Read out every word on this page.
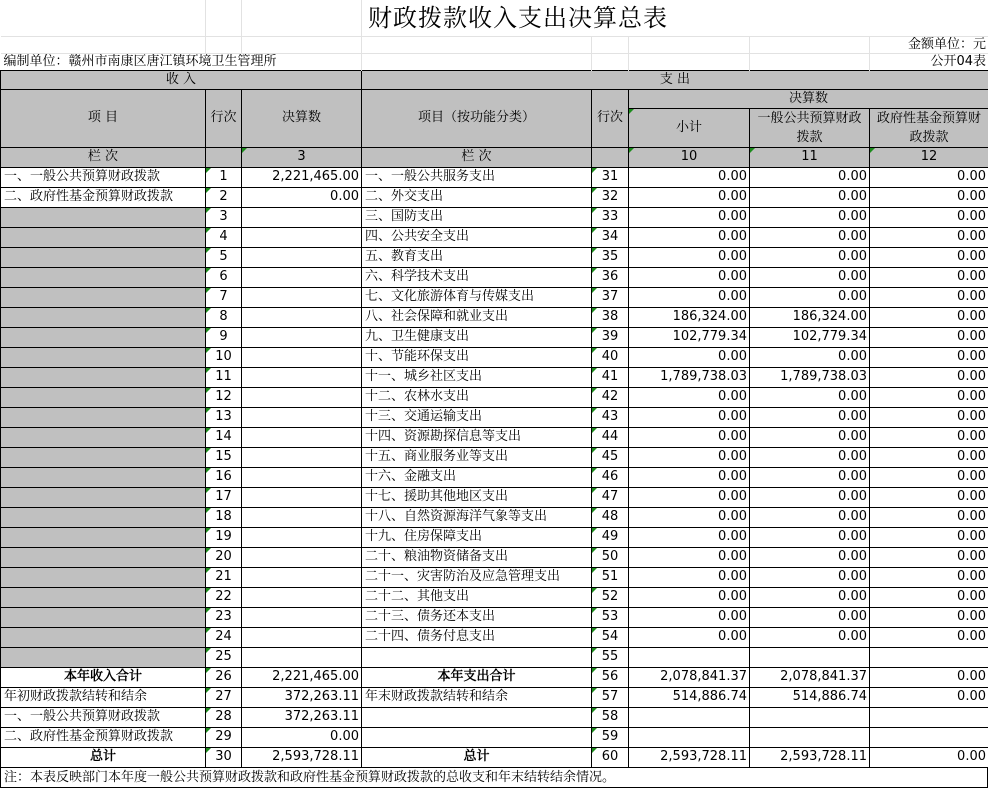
			财政拨款收入支出决算总表				
							金额单位：元
编制单位：赣州市南康区唐江镇环境卫生管理所							公开04表
收 入			支 出				
项 目	行次	决算数	项目（按功能分类）	行次	决算数		
					小计	一般公共预算财政拨款	政府性基金预算财政拨款
栏 次		3	栏 次		10	11	12
一、一般公共预算财政拨款	1	2,221,465.00	一、一般公共服务支出	31	0.00	0.00	0.00
二、政府性基金预算财政拨款	2	0.00	二、外交支出	32	0.00	0.00	0.00
	3		三、国防支出	33	0.00	0.00	0.00
	4		四、公共安全支出	34	0.00	0.00	0.00
	5		五、教育支出	35	0.00	0.00	0.00
	6		六、科学技术支出	36	0.00	0.00	0.00
	7		七、文化旅游体育与传媒支出	37	0.00	0.00	0.00
	8		八、社会保障和就业支出	38	186,324.00	186,324.00	0.00
	9		九、卫生健康支出	39	102,779.34	102,779.34	0.00
	10		十、节能环保支出	40	0.00	0.00	0.00
	11		十一、城乡社区支出	41	1,789,738.03	1,789,738.03	0.00
	12		十二、农林水支出	42	0.00	0.00	0.00
	13		十三、交通运输支出	43	0.00	0.00	0.00
	14		十四、资源勘探信息等支出	44	0.00	0.00	0.00
	15		十五、商业服务业等支出	45	0.00	0.00	0.00
	16		十六、金融支出	46	0.00	0.00	0.00
	17		十七、援助其他地区支出	47	0.00	0.00	0.00
	18		十八、自然资源海洋气象等支出	48	0.00	0.00	0.00
	19		十九、住房保障支出	49	0.00	0.00	0.00
	20		二十、粮油物资储备支出	50	0.00	0.00	0.00
	21		二十一、灾害防治及应急管理支出	51	0.00	0.00	0.00
	22		二十二、其他支出	52	0.00	0.00	0.00
	23		二十三、债务还本支出	53	0.00	0.00	0.00
	24		二十四、债务付息支出	54	0.00	0.00	0.00
	25			55			
本年收入合计	26	2,221,465.00	本年支出合计	56	2,078,841.37	2,078,841.37	0.00
年初财政拨款结转和结余	27	372,263.11	年末财政拨款结转和结余	57	514,886.74	514,886.74	0.00
一、一般公共预算财政拨款	28	372,263.11		58			
二、政府性基金预算财政拨款	29	0.00		59			
总计	30	2,593,728.11	总计	60	2,593,728.11	2,593,728.11	0.00
注：本表反映部门本年度一般公共预算财政拨款和政府性基金预算财政拨款的总收支和年末结转结余情况。
